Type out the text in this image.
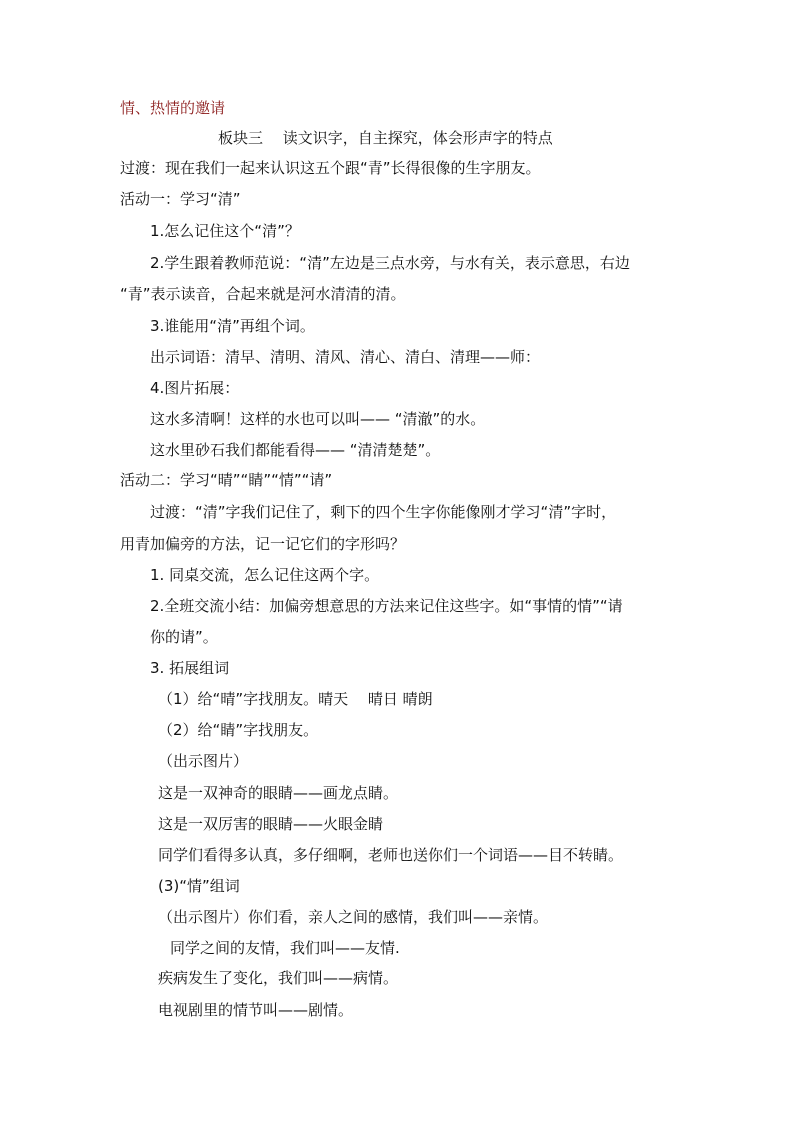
情、热情的邀请
板块三　 读文识字，自主探究，体会形声字的特点
过渡：现在我们一起来认识这五个跟“青”长得很像的生字朋友。
活动一：学习“清”
1.怎么记住这个“清”？
2.学生跟着教师范说：“清”左边是三点水旁，与水有关，表示意思，右边
“青”表示读音，合起来就是河水清清的清。
3.谁能用“清”再组个词。
出示词语：清早、清明、清风、清心、清白、清理——师：
4.图片拓展：
这水多清啊！这样的水也可以叫—— “清澈”的水。
这水里砂石我们都能看得—— “清清楚楚”。
活动二：学习“晴”“睛”“情”“请”
过渡：“清”字我们记住了，剩下的四个生字你能像刚才学习“清”字时，
用青加偏旁的方法，记一记它们的字形吗？
1. 同桌交流，怎么记住这两个字。
2.全班交流小结：加偏旁想意思的方法来记住这些字。如“事情的情”“请
你的请”。
3. 拓展组词
（1）给“晴”字找朋友。晴天　 晴日 晴朗
（2）给“睛”字找朋友。
（出示图片）
这是一双神奇的眼睛——画龙点睛。
这是一双厉害的眼睛——火眼金睛
同学们看得多认真，多仔细啊，老师也送你们一个词语——目不转睛。
(3)“情”组词
（出示图片）你们看，亲人之间的感情，我们叫——亲情。
同学之间的友情，我们叫——友情.
疾病发生了变化，我们叫——病情。
电视剧里的情节叫——剧情。
